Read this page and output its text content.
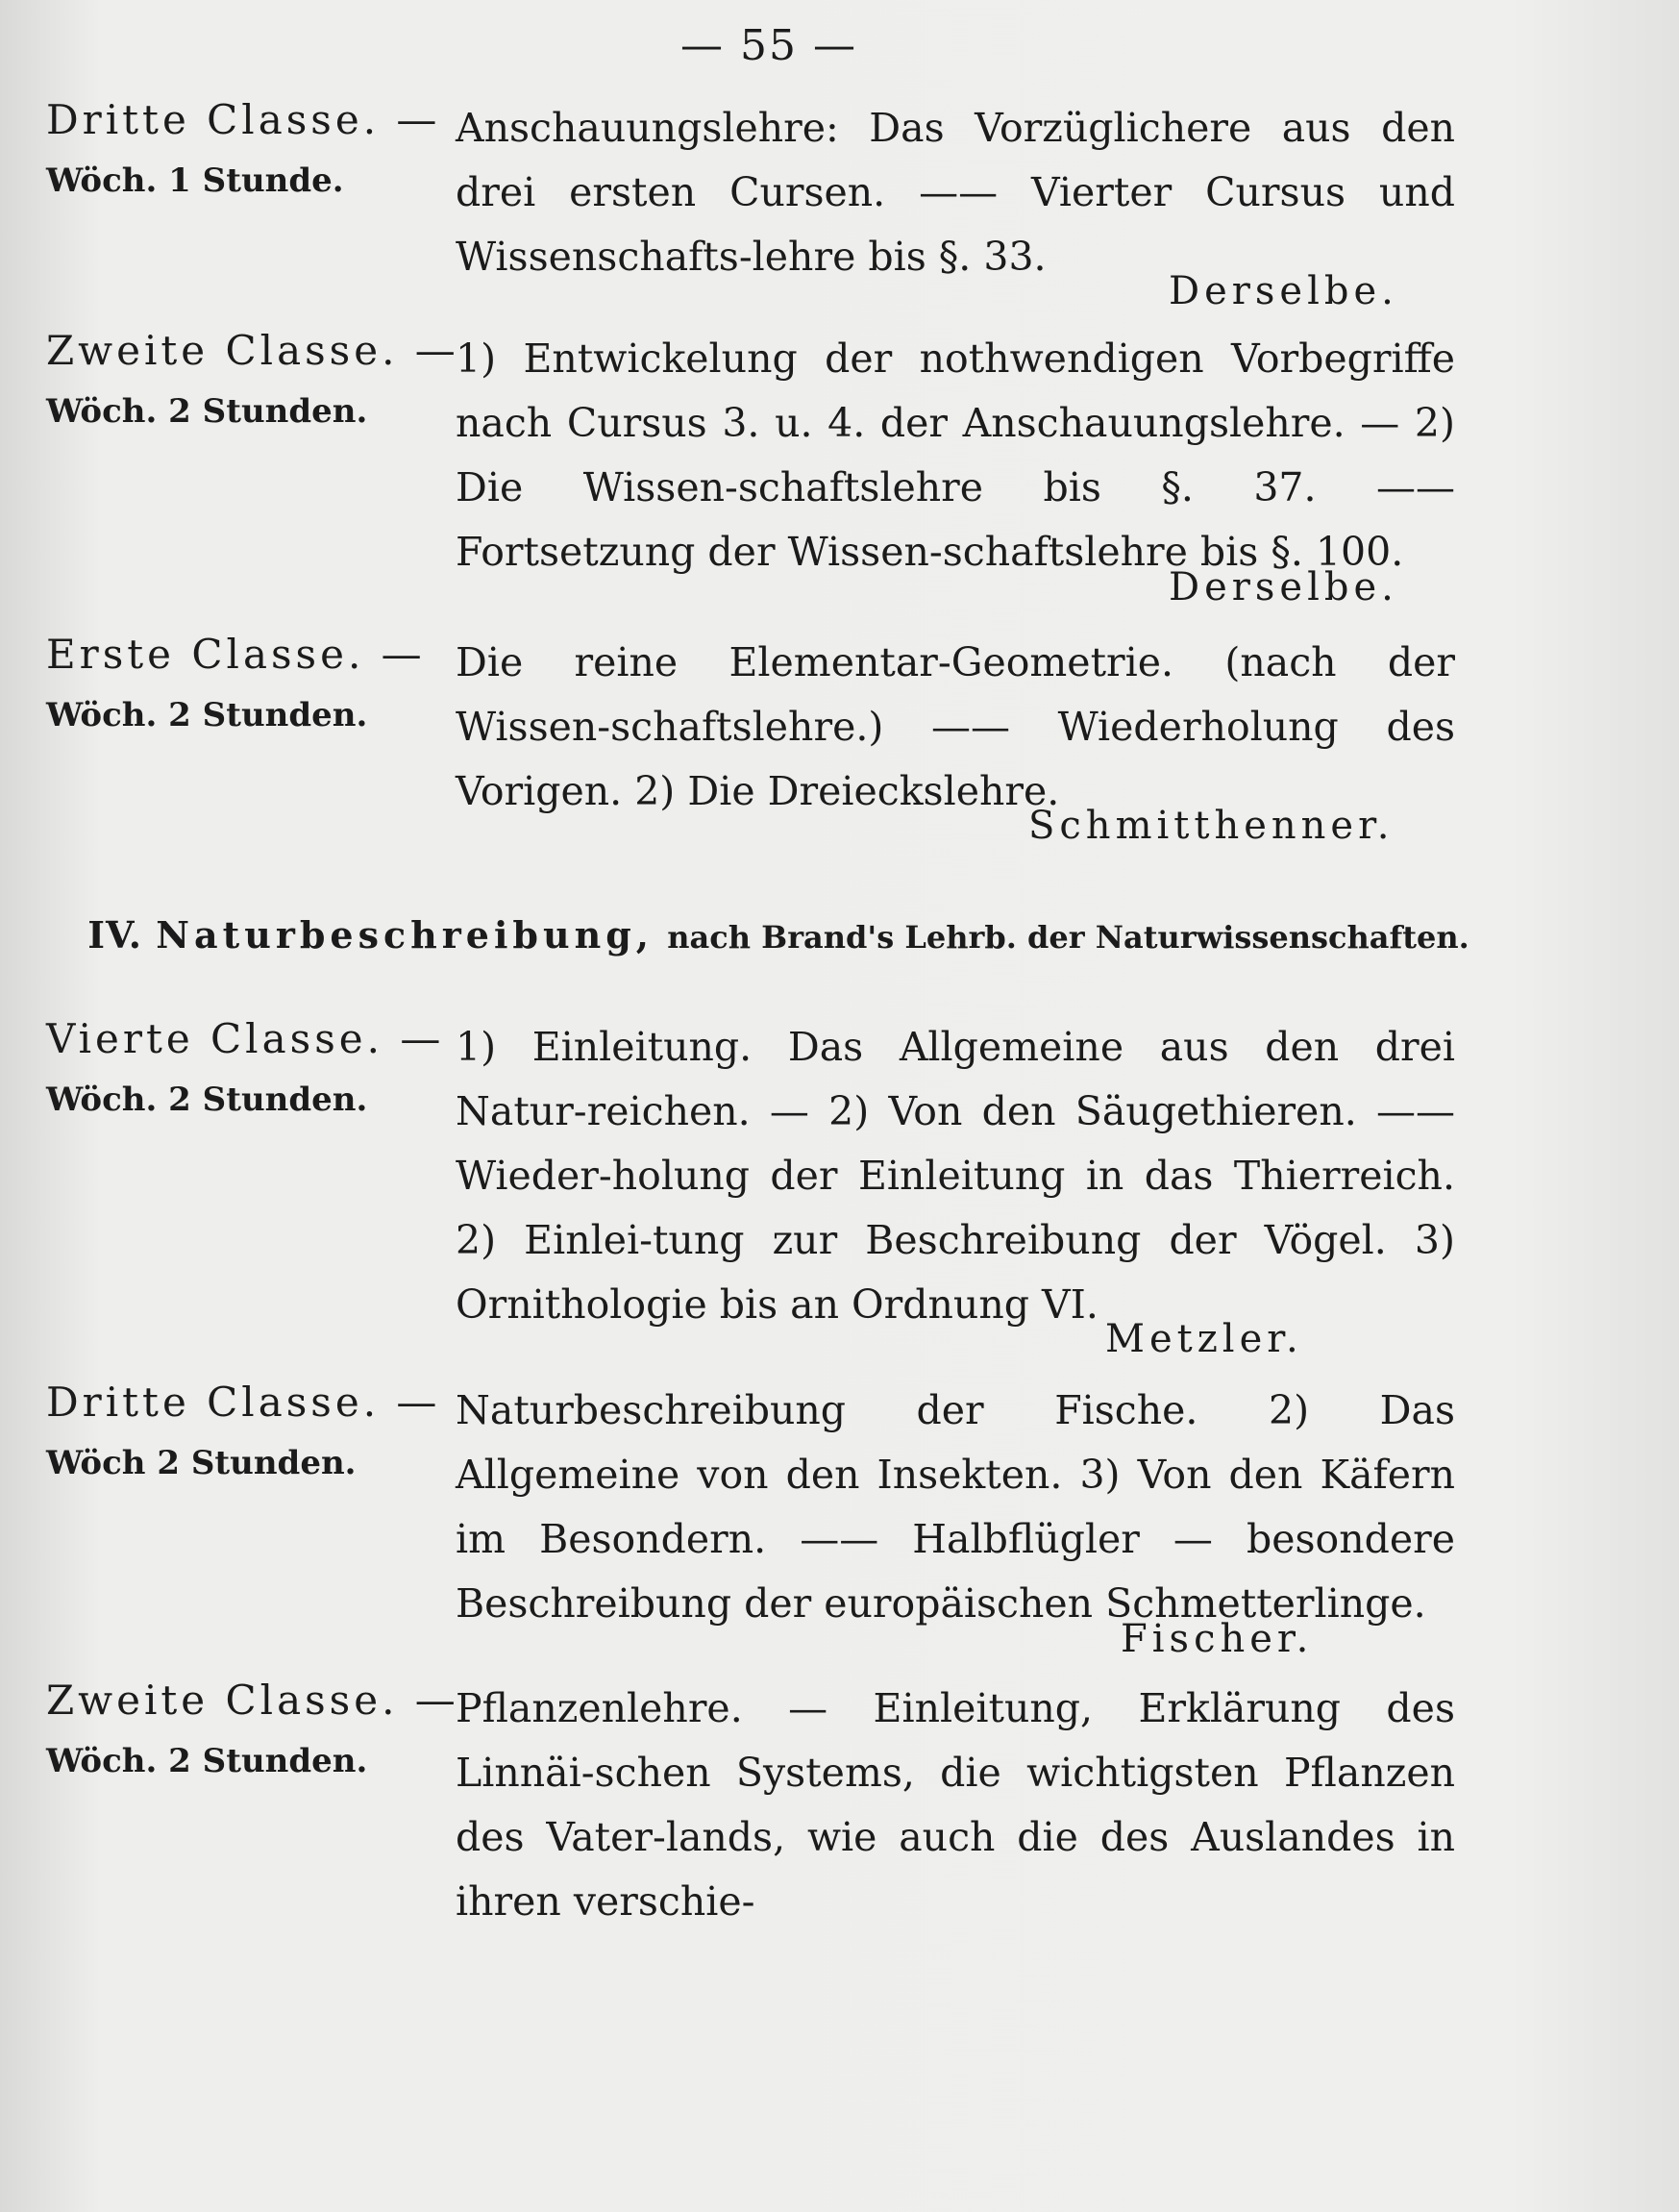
— 55 —
Dritte Classe. —
Wöch. 1 Stunde.
Anschauungslehre: Das Vorzüglichere aus den drei ersten Cursen. —— Vierter Cursus und Wissenschafts-lehre bis §. 33.
Derselbe.
Zweite Classe. —
Wöch. 2 Stunden.
1) Entwickelung der nothwendigen Vorbegriffe nach Cursus 3. u. 4. der Anschauungslehre. — 2) Die Wissen-schaftslehre bis §. 37. —— Fortsetzung der Wissen-schaftslehre bis §. 100.
Derselbe.
Erste Classe. —
Wöch. 2 Stunden.
Die reine Elementar-Geometrie. (nach der Wissen-schaftslehre.) —— Wiederholung des Vorigen. 2) Die Dreieckslehre.
Schmitthenner.
IV. Naturbeschreibung, nach Brand's Lehrb. der Naturwissenschaften.
Vierte Classe. —
Wöch. 2 Stunden.
1) Einleitung. Das Allgemeine aus den drei Natur-reichen. — 2) Von den Säugethieren. —— Wieder-holung der Einleitung in das Thierreich. 2) Einlei-tung zur Beschreibung der Vögel. 3) Ornithologie bis an Ordnung VI.
Metzler.
Dritte Classe. —
Wöch 2 Stunden.
Naturbeschreibung der Fische. 2) Das Allgemeine von den Insekten. 3) Von den Käfern im Besondern. —— Halbflügler — besondere Beschreibung der europäischen Schmetterlinge.
Fischer.
Zweite Classe. —
Wöch. 2 Stunden.
Pflanzenlehre. — Einleitung, Erklärung des Linnäi-schen Systems, die wichtigsten Pflanzen des Vater-lands, wie auch die des Auslandes in ihren verschie-
